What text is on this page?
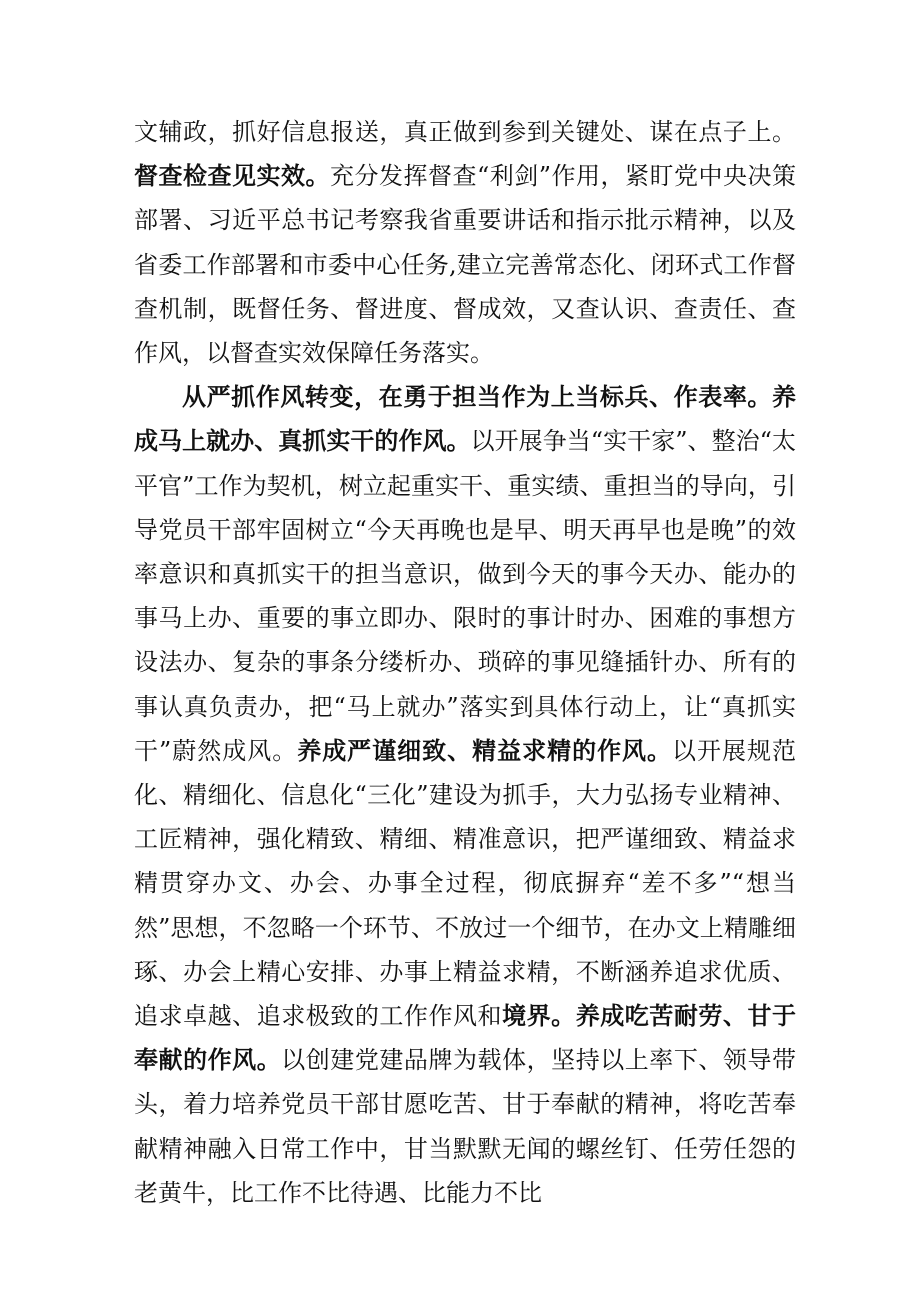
文辅政，抓好信息报送，真正做到参到关键处、谋在点子上。督查检查见实效。充分发挥督查“利剑”作用，紧盯党中央决策部署、习近平总书记考察我省重要讲话和指示批示精神，以及省委工作部署和市委中心任务,建立完善常态化、闭环式工作督查机制，既督任务、督进度、督成效，又查认识、查责任、查作风，以督查实效保障任务落实。

从严抓作风转变，在勇于担当作为上当标兵、作表率。养成马上就办、真抓实干的作风。以开展争当“实干家”、整治“太平官”工作为契机，树立起重实干、重实绩、重担当的导向，引导党员干部牢固树立“今天再晚也是早、明天再早也是晚”的效率意识和真抓实干的担当意识，做到今天的事今天办、能办的事马上办、重要的事立即办、限时的事计时办、困难的事想方设法办、复杂的事条分缕析办、琐碎的事见缝插针办、所有的事认真负责办，把“马上就办”落实到具体行动上，让“真抓实干”蔚然成风。养成严谨细致、精益求精的作风。以开展规范化、精细化、信息化“三化”建设为抓手，大力弘扬专业精神、工匠精神，强化精致、精细、精准意识，把严谨细致、精益求精贯穿办文、办会、办事全过程，彻底摒弃“差不多”“想当然”思想，不忽略一个环节、不放过一个细节，在办文上精雕细琢、办会上精心安排、办事上精益求精，不断涵养追求优质、追求卓越、追求极致的工作作风和境界。养成吃苦耐劳、甘于奉献的作风。以创建党建品牌为载体，坚持以上率下、领导带头，着力培养党员干部甘愿吃苦、甘于奉献的精神，将吃苦奉献精神融入日常工作中，甘当默默无闻的螺丝钉、任劳任怨的老黄牛，比工作不比待遇、比能力不比
